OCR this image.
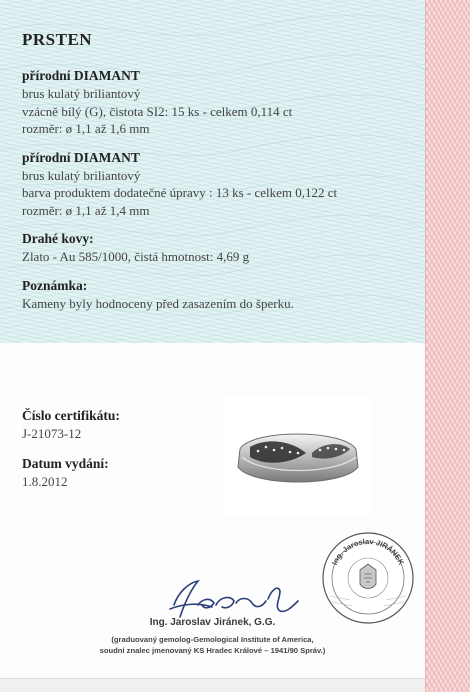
PRSTEN
přírodní DIAMANT
brus kulatý briliantový
vzácně bílý (G), čistota SI2: 15 ks - celkem 0,114 ct
rozměr: ø 1,1 až 1,6 mm
přírodní DIAMANT
brus kulatý briliantový
barva produktem dodatečné úpravy : 13 ks - celkem 0,122 ct
rozměr: ø 1,1 až 1,4 mm
Drahé kovy:
Zlato - Au 585/1000, čistá hmotnost: 4,69 g
Poznámka:
Kameny byly hodnoceny před zasazením do šperku.
Číslo certifikátu:
J-21073-12
Datum vydání:
1.8.2012
Ing. Jaroslav JIRÁNEK
Ing. Jaroslav Jiránek, G.G.
(graduovaný gemolog-Gemological Institute of America,
soudní znalec jmenovaný KS Hradec Králové – 1941/90 Správ.)
